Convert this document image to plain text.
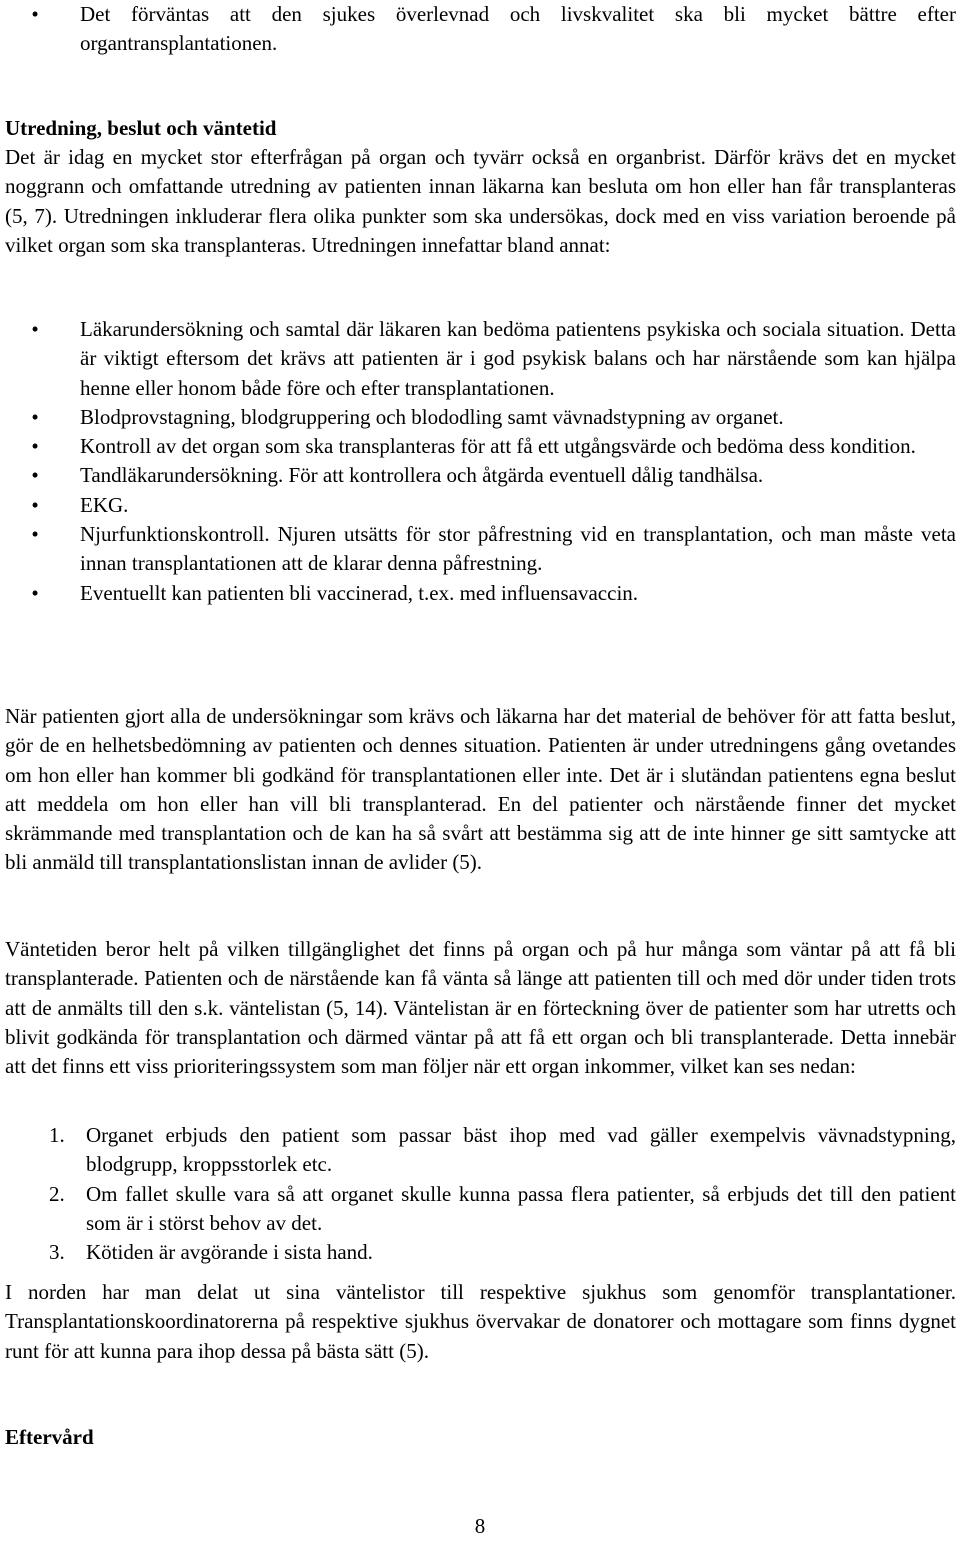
•	Det förväntas att den sjukes överlevnad och livskvalitet ska bli mycket bättre efter organtransplantationen.
Utredning, beslut och väntetid

Det är idag en mycket stor efterfrågan på organ och tyvärr också en organbrist. Därför krävs det en mycket noggrann och omfattande utredning av patienten innan läkarna kan besluta om hon eller han får transplanteras (5, 7). Utredningen inkluderar flera olika punkter som ska undersökas, dock med en viss variation beroende på vilket organ som ska transplanteras. Utredningen innefattar bland annat:

•	Läkarundersökning och samtal där läkaren kan bedöma patientens psykiska och sociala situation. Detta är viktigt eftersom det krävs att patienten är i god psykisk balans och har närstående som kan hjälpa henne eller honom både före och efter transplantationen.
•	Blodprovstagning, blodgruppering och blododling samt vävnadstypning av organet.
•	Kontroll av det organ som ska transplanteras för att få ett utgångsvärde och bedöma dess kondition.
•	Tandläkarundersökning. För att kontrollera och åtgärda eventuell dålig tandhälsa.
•	EKG.
•	Njurfunktionskontroll. Njuren utsätts för stor påfrestning vid en transplantation, och man måste veta innan transplantationen att de klarar denna påfrestning.
•	Eventuellt kan patienten bli vaccinerad, t.ex. med influensavaccin.

När patienten gjort alla de undersökningar som krävs och läkarna har det material de behöver för att fatta beslut, gör de en helhetsbedömning av patienten och dennes situation. Patienten är under utredningens gång ovetandes om hon eller han kommer bli godkänd för transplantationen eller inte. Det är i slutändan patientens egna beslut att meddela om hon eller han vill bli transplanterad. En del patienter och närstående finner det mycket skrämmande med transplantation och de kan ha så svårt att bestämma sig att de inte hinner ge sitt samtycke att bli anmäld till transplantationslistan innan de avlider (5).

Väntetiden beror helt på vilken tillgänglighet det finns på organ och på hur många som väntar på att få bli transplanterade. Patienten och de närstående kan få vänta så länge att patienten till och med dör under tiden trots att de anmälts till den s.k. väntelistan (5, 14). Väntelistan är en förteckning över de patienter som har utretts och blivit godkända för transplantation och därmed väntar på att få ett organ och bli transplanterade. Detta innebär att det finns ett viss prioriteringssystem som man följer när ett organ inkommer, vilket kan ses nedan:

1.	Organet erbjuds den patient som passar bäst ihop med vad gäller exempelvis vävnadstypning, blodgrupp, kroppsstorlek etc.
2.	Om fallet skulle vara så att organet skulle kunna passa flera patienter, så erbjuds det till den patient som är i störst behov av det.
3.	Kötiden är avgörande i sista hand.

I norden har man delat ut sina väntelistor till respektive sjukhus som genomför transplantationer. Transplantationskoordinatorerna på respektive sjukhus övervakar de donatorer och mottagare som finns dygnet runt för att kunna para ihop dessa på bästa sätt (5).

Eftervård
8
